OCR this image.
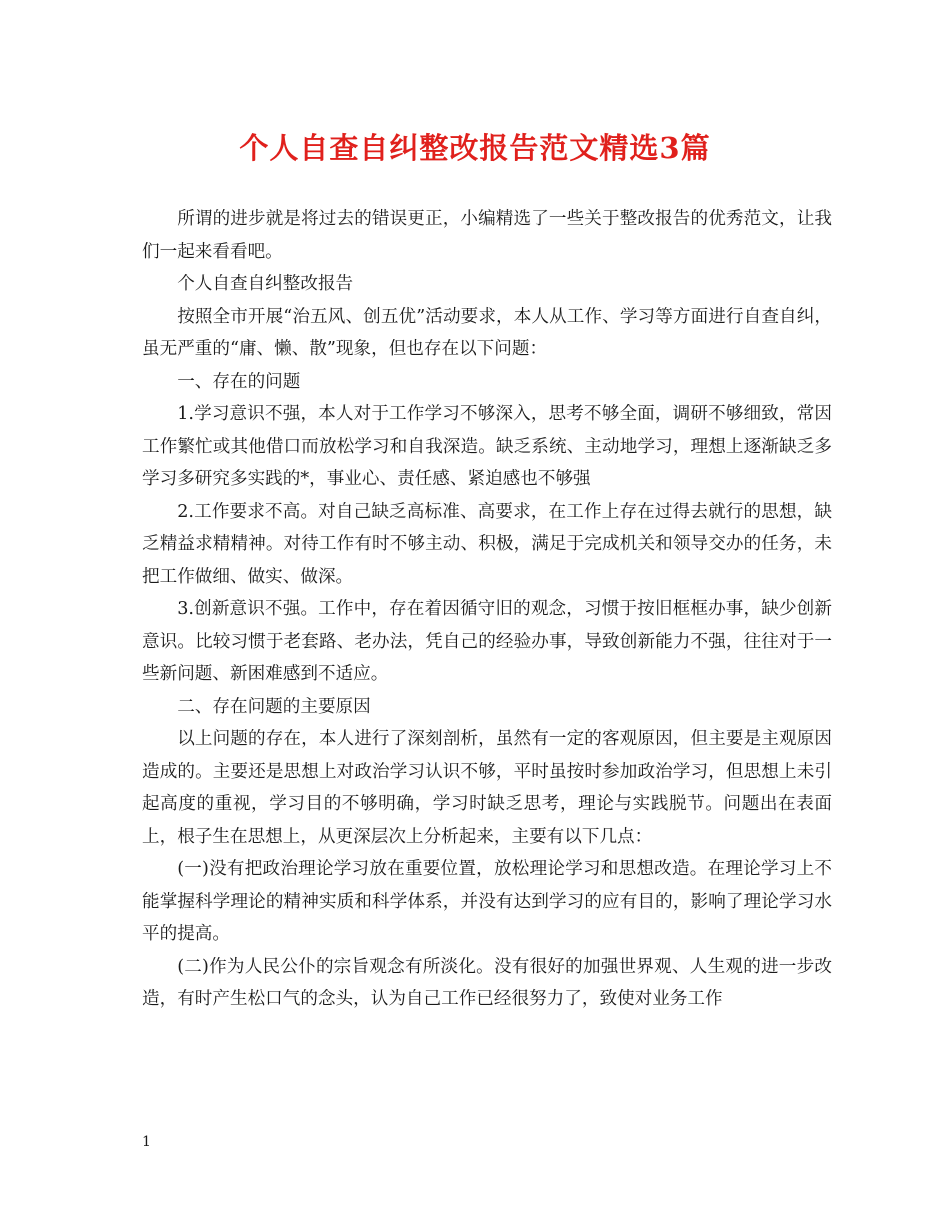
个人自查自纠整改报告范文精选3篇

所谓的进步就是将过去的错误更正，小编精选了一些关于整改报告的优秀范文，让我们一起来看看吧。

个人自查自纠整改报告

按照全市开展“治五风、创五优”活动要求，本人从工作、学习等方面进行自查自纠，虽无严重的“庸、懒、散”现象，但也存在以下问题：

一、存在的问题

1.学习意识不强，本人对于工作学习不够深入，思考不够全面，调研不够细致，常因工作繁忙或其他借口而放松学习和自我深造。缺乏系统、主动地学习，理想上逐渐缺乏多学习多研究多实践的*，事业心、责任感、紧迫感也不够强

2.工作要求不高。对自己缺乏高标准、高要求，在工作上存在过得去就行的思想，缺乏精益求精精神。对待工作有时不够主动、积极，满足于完成机关和领导交办的任务，未把工作做细、做实、做深。

3.创新意识不强。工作中，存在着因循守旧的观念，习惯于按旧框框办事，缺少创新意识。比较习惯于老套路、老办法，凭自己的经验办事，导致创新能力不强，往往对于一些新问题、新困难感到不适应。

二、存在问题的主要原因

以上问题的存在，本人进行了深刻剖析，虽然有一定的客观原因，但主要是主观原因造成的。主要还是思想上对政治学习认识不够，平时虽按时参加政治学习，但思想上未引起高度的重视，学习目的不够明确，学习时缺乏思考，理论与实践脱节。问题出在表面上，根子生在思想上，从更深层次上分析起来，主要有以下几点：

(一)没有把政治理论学习放在重要位置，放松理论学习和思想改造。在理论学习上不能掌握科学理论的精神实质和科学体系，并没有达到学习的应有目的，影响了理论学习水平的提高。

(二)作为人民公仆的宗旨观念有所淡化。没有很好的加强世界观、人生观的进一步改造，有时产生松口气的念头，认为自己工作已经很努力了，致使对业务工作

1
